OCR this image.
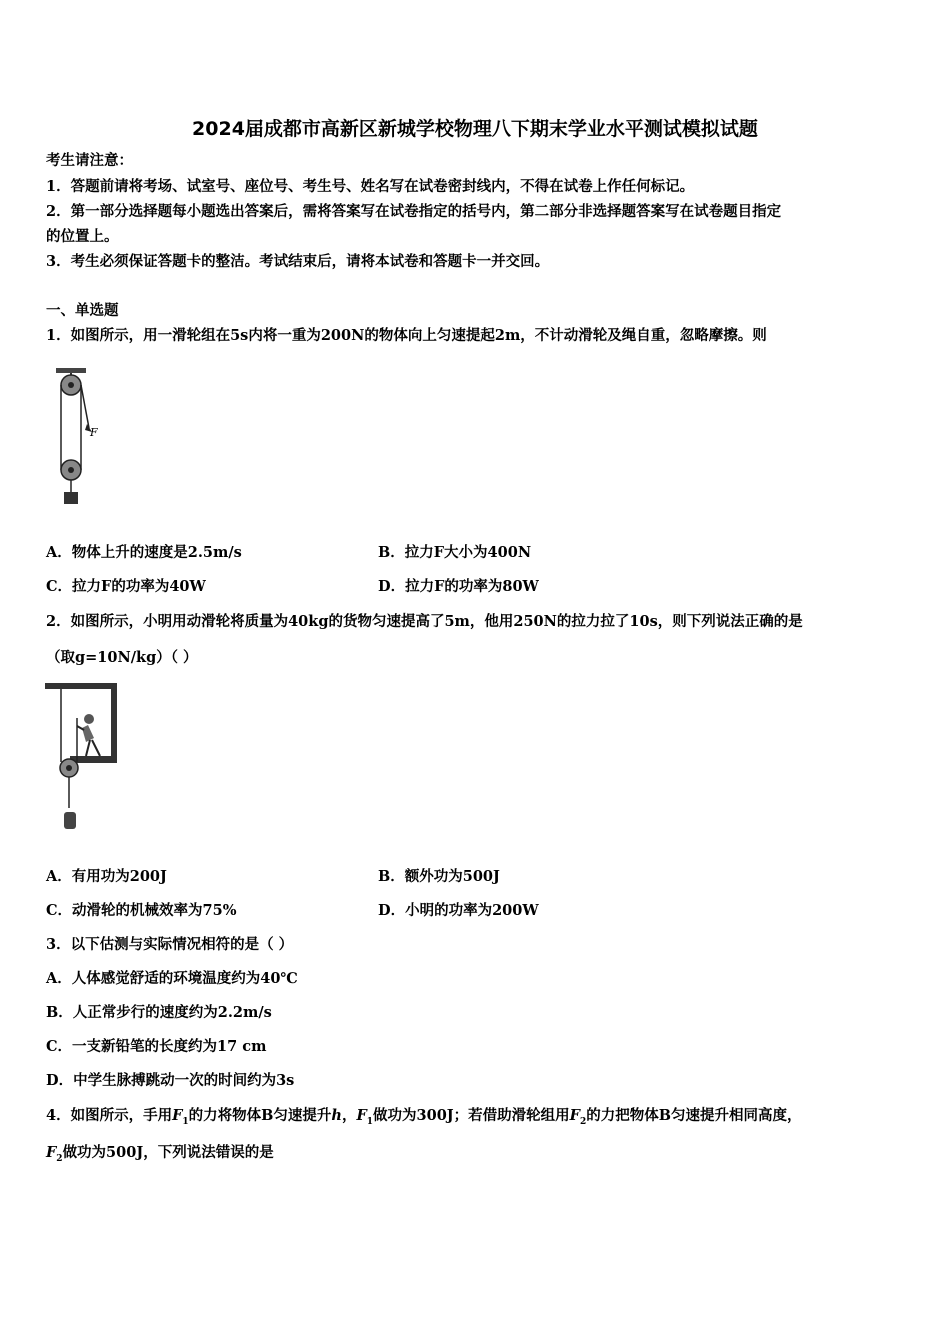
2024届成都市高新区新城学校物理八下期末学业水平测试模拟试题
考生请注意：
1．答题前请将考场、试室号、座位号、考生号、姓名写在试卷密封线内，不得在试卷上作任何标记。
2．第一部分选择题每小题选出答案后，需将答案写在试卷指定的括号内，第二部分非选择题答案写在试卷题目指定
的位置上。
3．考生必须保证答题卡的整洁。考试结束后，请将本试卷和答题卡一并交回。
一、单选题
1．如图所示，用一滑轮组在5s内将一重为200N的物体向上匀速提起2m，不计动滑轮及绳自重，忽略摩擦。则
F
A．物体上升的速度是2.5m/s	B．拉力F大小为400N
C．拉力F的功率为40W	D．拉力F的功率为80W
2．如图所示，小明用动滑轮将质量为40kg的货物匀速提高了5m，他用250N的拉力拉了10s，则下列说法正确的是
（取g=10N/kg）（ ）
A．有用功为200J	B．额外功为500J
C．动滑轮的机械效率为75%	D．小明的功率为200W
3．以下估测与实际情况相符的是（ ）
A．人体感觉舒适的环境温度约为40℃
B．人正常步行的速度约为2.2m/s
C．一支新铅笔的长度约为17 cm
D．中学生脉搏跳动一次的时间约为3s
4．如图所示，手用$F_1$的力将物体B匀速提升h，$F_1$做功为300J；若借助滑轮组用$F_2$的力把物体B匀速提升相同高度，
$F_2$做功为500J，下列说法错误的是
